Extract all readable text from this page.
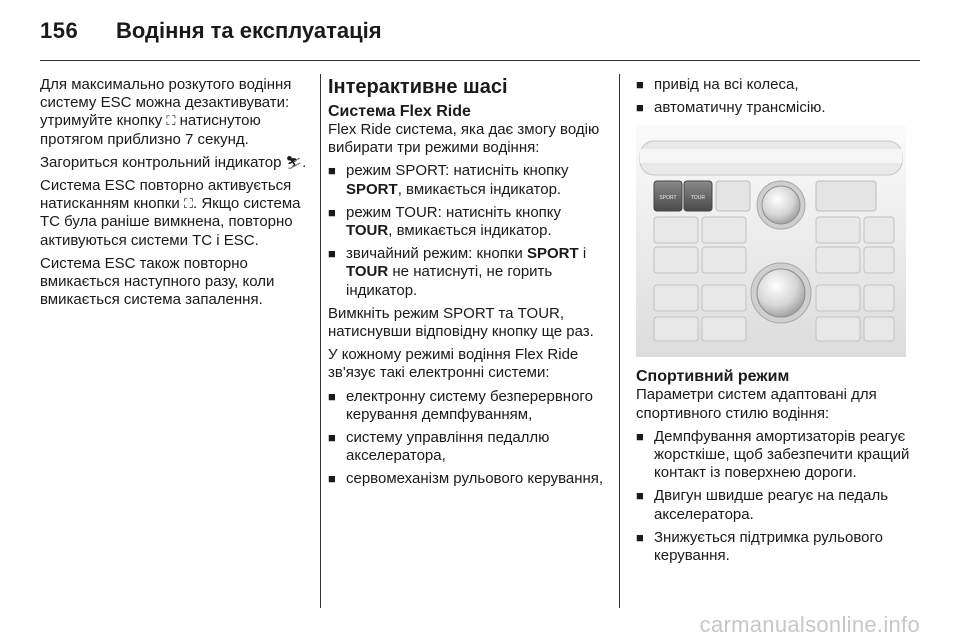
156 Водіння та експлуатація

Для максимально розкутого водіння систему ESC можна дезактивувати: утримуйте кнопку ⛶ натиснутою протягом приблизно 7 секунд.

Загориться контрольний індикатор ⛷.

Система ESC повторно активується натисканням кнопки ⛶. Якщо система TC була раніше вимкнена, повторно активуються системи TC і ESC.

Система ESC також повторно вмикається наступного разу, коли вмикається система запалення.

Інтерактивне шасі
Система Flex Ride

Flex Ride система, яка дає змогу водію вибирати три режими водіння:

■ режим SPORT: натисніть кнопку SPORT, вмикається індикатор.
■ режим TOUR: натисніть кнопку TOUR, вмикається індикатор.
■ звичайний режим: кнопки SPORT і TOUR не натиснуті, не горить індикатор.

Вимкніть режим SPORT та TOUR, натиснувши відповідну кнопку ще раз.

У кожному режимі водіння Flex Ride зв'язує такі електронні системи:

■ електронну систему безперервного керування демпфуванням,
■ систему управління педаллю акселератора,
■ сервомеханізм рульового керування,
■ привід на всі колеса,
■ автоматичну трансмісію.
SPORT	TOUR
Спортивний режим

Параметри систем адаптовані для спортивного стилю водіння:

■ Демпфування амортизаторів реагує жорсткіше, щоб забезпечити кращий контакт із поверхнею дороги.
■ Двигун швидше реагує на педаль акселератора.
■ Знижується підтримка рульового керування.
carmanualsonline.info
